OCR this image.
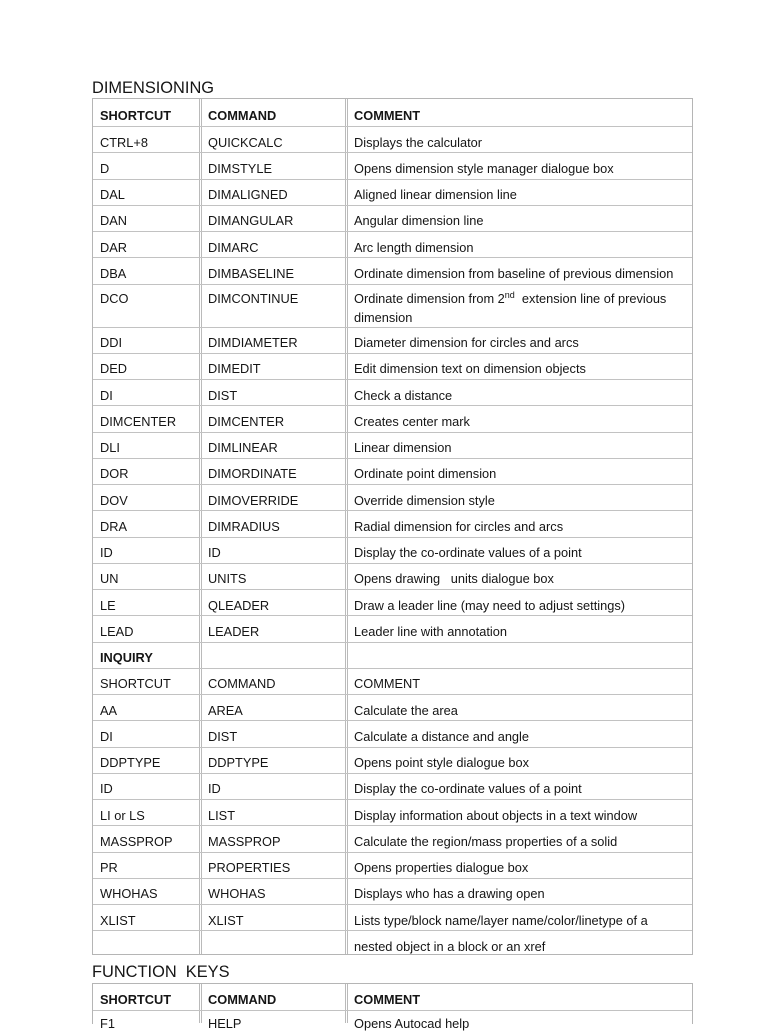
DIMENSIONING
SHORTCUT	COMMAND	COMMENT
CTRL+8	QUICKCALC	Displays the calculator
D	DIMSTYLE	Opens dimension style manager dialogue box
DAL	DIMALIGNED	Aligned linear dimension line
DAN	DIMANGULAR	Angular dimension line
DAR	DIMARC	Arc length dimension
DBA	DIMBASELINE	Ordinate dimension from baseline of previous dimension
DCO	DIMCONTINUE	Ordinate dimension from 2nd  extension line of previous dimension
DDI	DIMDIAMETER	Diameter dimension for circles and arcs
DED	DIMEDIT	Edit dimension text on dimension objects
DI	DIST	Check a distance
DIMCENTER	DIMCENTER	Creates center mark
DLI	DIMLINEAR	Linear dimension
DOR	DIMORDINATE	Ordinate point dimension
DOV	DIMOVERRIDE	Override dimension style
DRA	DIMRADIUS	Radial dimension for circles and arcs
ID	ID	Display the co-ordinate values of a point
UN	UNITS	Opens drawing   units dialogue box
LE	QLEADER	Draw a leader line (may need to adjust settings)
LEAD	LEADER	Leader line with annotation
INQUIRY
SHORTCUT	COMMAND	COMMENT
AA	AREA	Calculate the area
DI	DIST	Calculate a distance and angle
DDPTYPE	DDPTYPE	Opens point style dialogue box
ID	ID	Display the co-ordinate values of a point
LI or LS	LIST	Display information about objects in a text window
MASSPROP	MASSPROP	Calculate the region/mass properties of a solid
PR	PROPERTIES	Opens properties dialogue box
WHOHAS	WHOHAS	Displays who has a drawing open
XLIST	XLIST	Lists type/block name/layer name/color/linetype of a
nested object in a block or an xref
FUNCTION  KEYS
SHORTCUT	COMMAND	COMMENT
F1	HELP	Opens Autocad help
